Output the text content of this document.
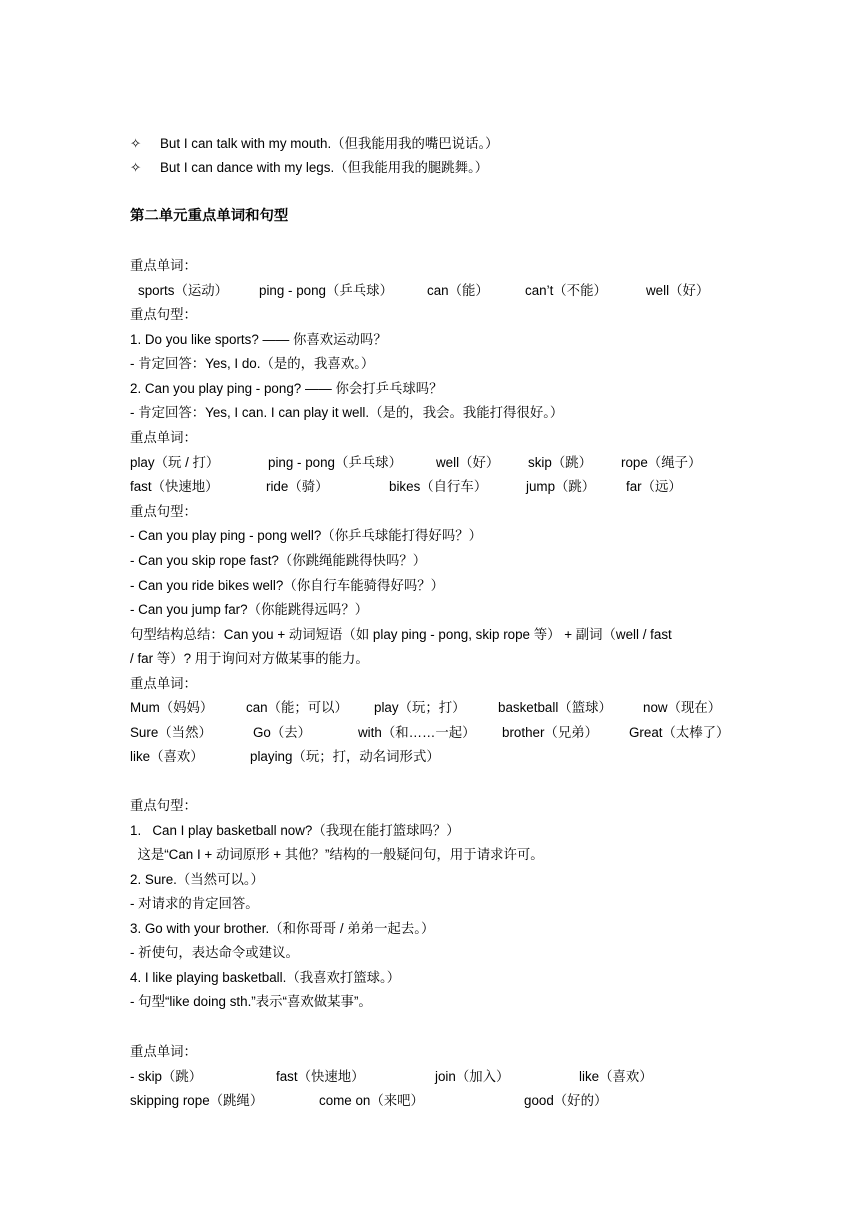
✧ But I can talk with my mouth.（但我能用我的嘴巴说话。）
✧ But I can dance with my legs.（但我能用我的腿跳舞。）
第二单元重点单词和句型
重点单词：
sports（运动） ping - pong（乒乓球）	can（能）	can’t（不能）	well（好）
重点句型：
1. Do you like sports? —— 你喜欢运动吗？
- 肯定回答：Yes, I do.（是的，我喜欢。）
2. Can you play ping - pong? —— 你会打乒乓球吗？
- 肯定回答：Yes, I can. I can play it well.（是的，我会。我能打得很好。）
重点单词：
play（玩 / 打）	ping - pong（乒乓球）	well（好） skip（跳） rope（绳子）
fast（快速地）	ride（骑）	bikes（自行车）	jump（跳） far（远）
重点句型：
- Can you play ping - pong well?（你乒乓球能打得好吗？）
- Can you skip rope fast?（你跳绳能跳得快吗？）
- Can you ride bikes well?（你自行车能骑得好吗？）
- Can you jump far?（你能跳得远吗？）
句型结构总结：Can you + 动词短语（如 play ping - pong, skip rope 等） + 副词（well / fast
/ far 等）? 用于询问对方做某事的能力。
重点单词：
Mum（妈妈） can（能；可以） play（玩；打） basketball（篮球） now（现在）
Sure（当然）	Go（去）	with（和……一起） brother（兄弟） Great（太棒了）
like（喜欢）	playing（玩；打，动名词形式）
重点句型：
1.   Can I play basketball now?（我现在能打篮球吗？）
这是“Can I + 动词原形 + 其他？”结构的一般疑问句，用于请求许可。
2. Sure.（当然可以。）
- 对请求的肯定回答。
3. Go with your brother.（和你哥哥 / 弟弟一起去。）
- 祈使句，表达命令或建议。
4. I like playing basketball.（我喜欢打篮球。）
- 句型“like doing sth.”表示“喜欢做某事”。
重点单词：
- skip（跳）	fast（快速地）	join（加入）	like（喜欢）
skipping rope（跳绳）	come on（来吧）	good（好的）
